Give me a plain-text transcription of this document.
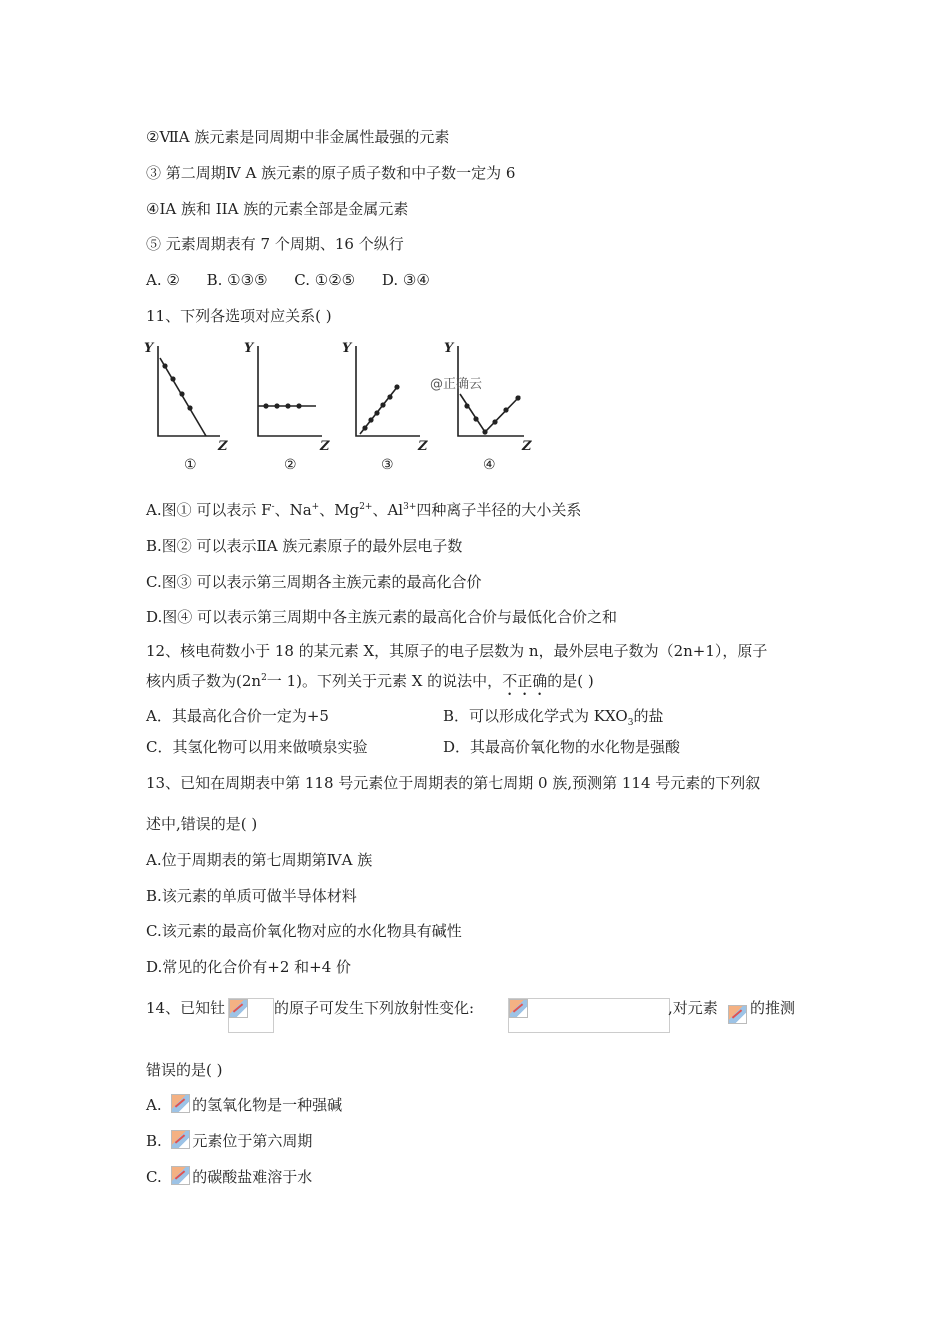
②ⅦA 族元素是同周期中非金属性最强的元素
③ 第二周期Ⅳ A 族元素的原子质子数和中子数一定为 6
④IA 族和 IIA 族的元素全部是金属元素
⑤ 元素周期表有 7 个周期、16 个纵行
A. ② B. ①③⑤ C. ①②⑤ D. ③④
11、下列各选项对应关系( )
Y
Z
Y
Z
Y
Z
Y
Z
①	②	③	④
@正确云
A.图① 可以表示 F-、Na+、$Mg^{2+}$、$Al^{3+}$四种离子半径的大小关系
B.图② 可以表示ⅡA 族元素原子的最外层电子数
C.图③ 可以表示第三周期各主族元素的最高化合价
D.图④ 可以表示第三周期中各主族元素的最高化合价与最低化合价之和
12、核电荷数小于 18 的某元素 X，其原子的电子层数为 n，最外层电子数为（2n+1），原子
核内质子数为($2n^2$一 1)。下列关于元素 X 的说法中，不正确的是( )
A．其最高化合价一定为+5	B．可以形成化学式为 $KXO_3$的盐
C．其氢化物可以用来做喷泉实验	D．其最高价氧化物的水化物是强酸
13、已知在周期表中第 118 号元素位于周期表的第七周期 0 族,预测第 114 号元素的下列叙
述中,错误的是( )
A.位于周期表的第七周期第ⅣA 族
B.该元素的单质可做半导体材料
C.该元素的最高价氧化物对应的水化物具有碱性
D.常见的化合价有+2 和+4 价
14、已知钍	的原子可发生下列放射性变化:	,对元素 的推测
错误的是( )
A. 的氢氧化物是一种强碱
B. 元素位于第六周期
C. 的碳酸盐难溶于水
